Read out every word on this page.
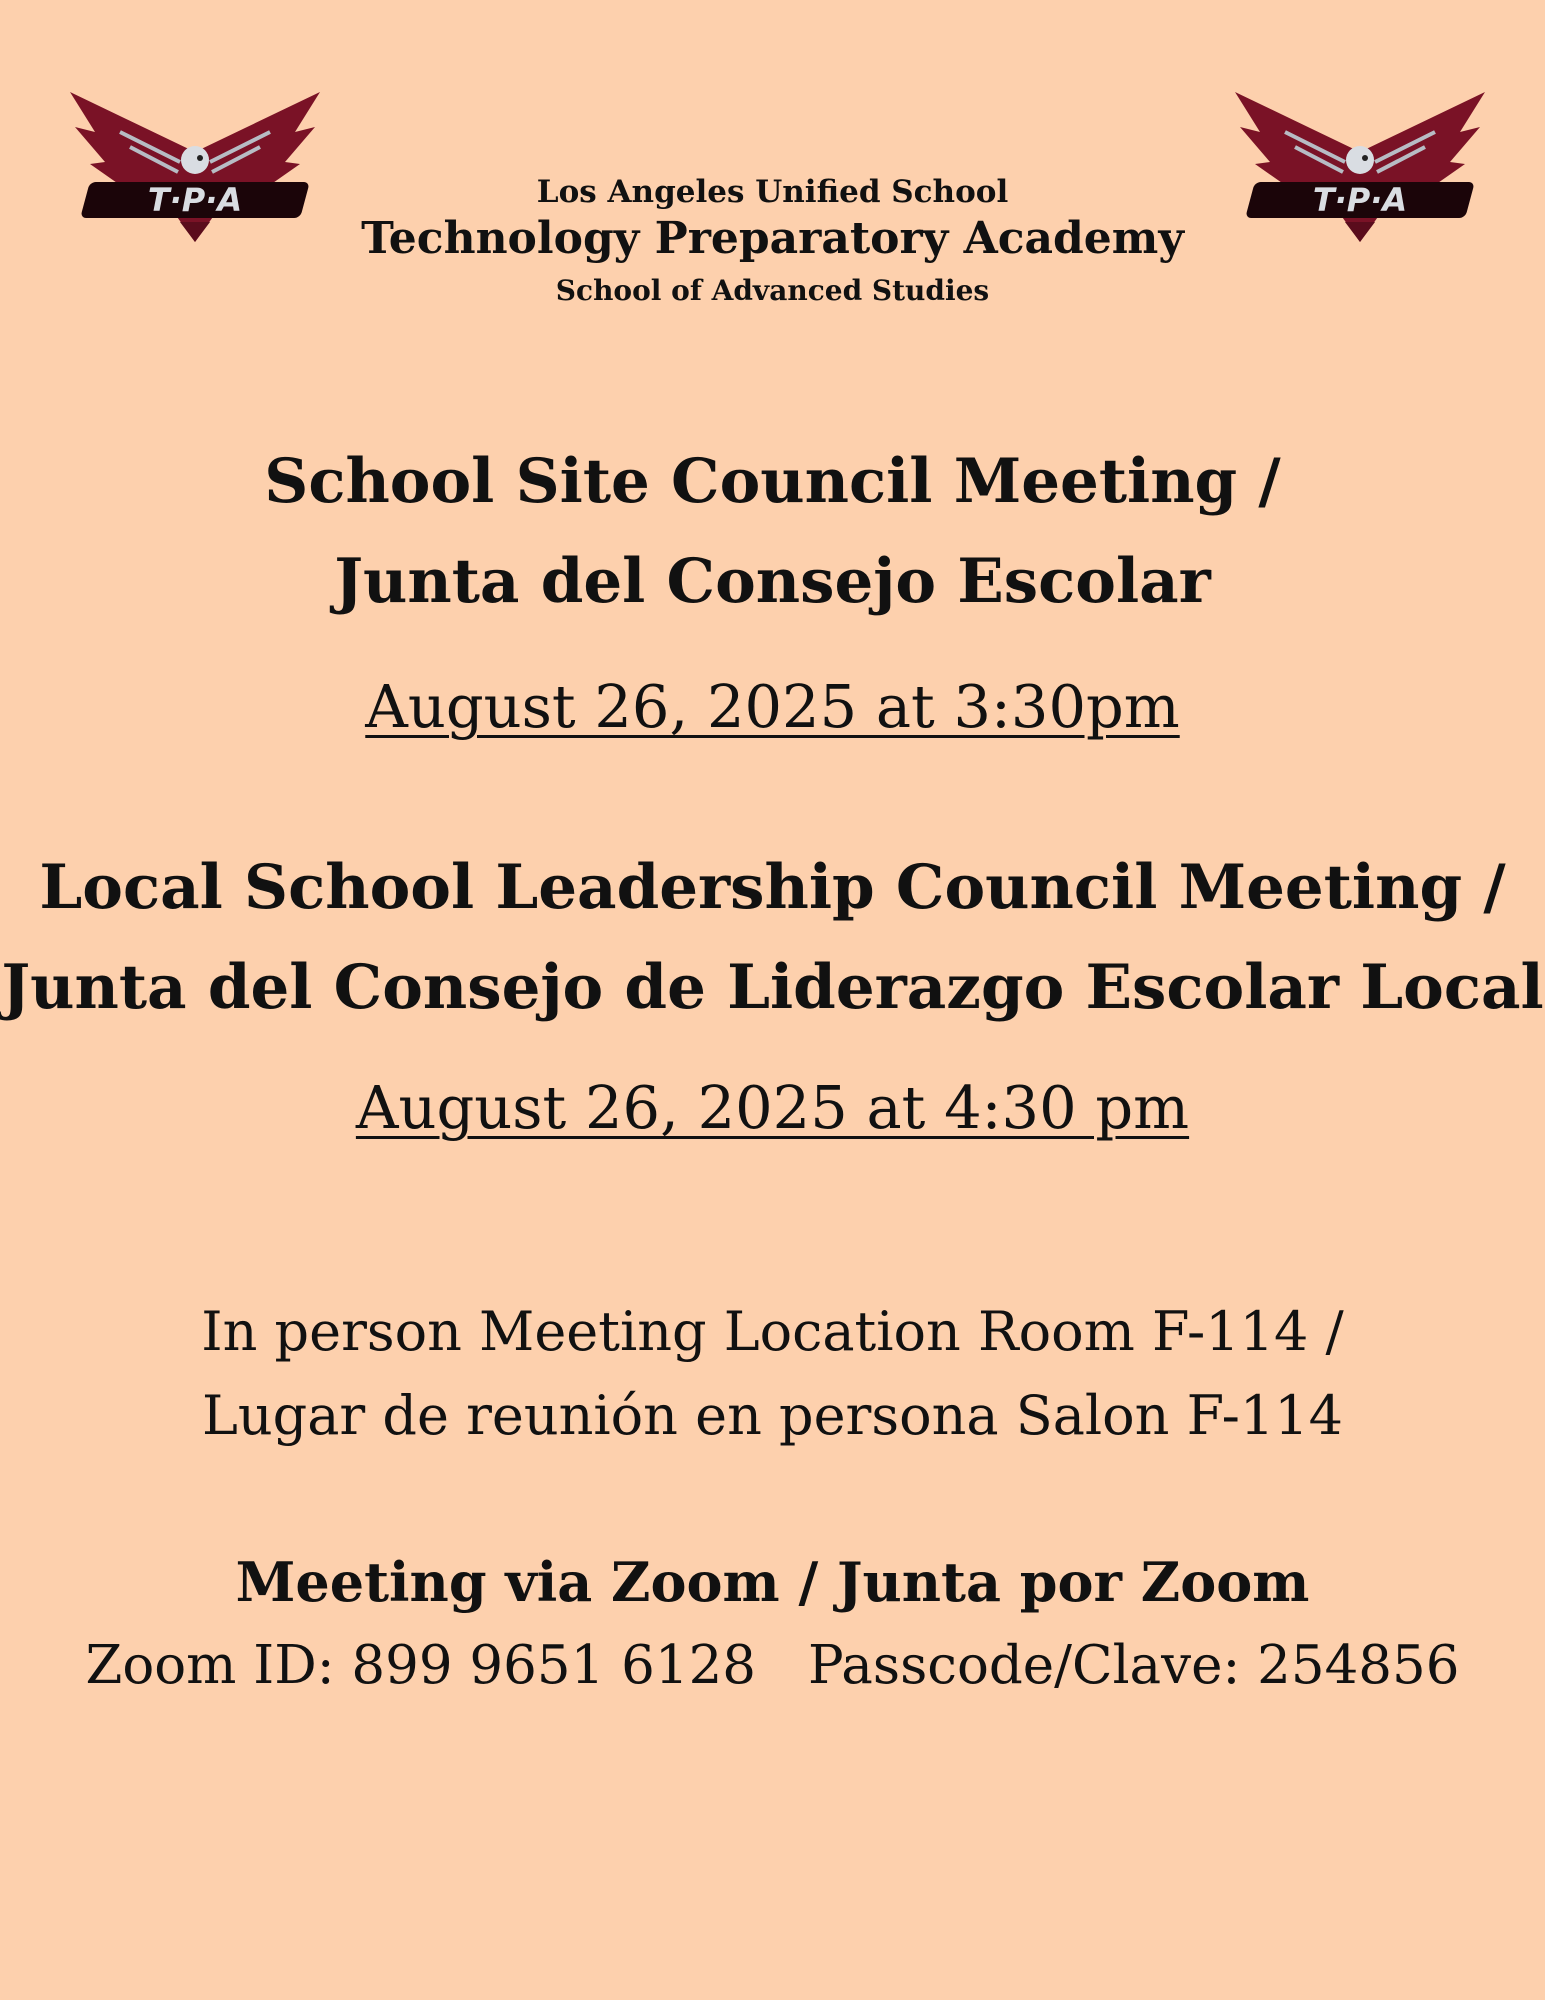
T·P·A	T·P·A
Los Angeles Unified School
Technology Preparatory Academy
School of Advanced Studies
School Site Council Meeting /
Junta del Consejo Escolar
August 26, 2025 at 3:30pm
Local School Leadership Council Meeting /
Junta del Consejo de Liderazgo Escolar Local
August 26, 2025 at 4:30 pm
In person Meeting Location Room F-114 /
Lugar de reunión en persona Salon F-114
Meeting via Zoom / Junta por Zoom
Zoom ID: 899 9651 6128 Passcode/Clave: 254856
